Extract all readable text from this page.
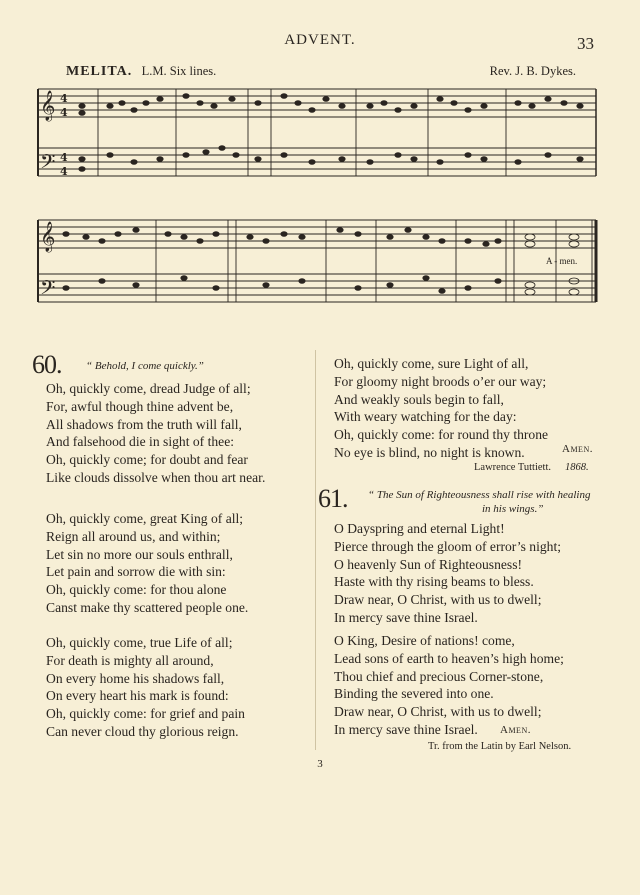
ADVENT.	33
MELITA. L.M. Six lines.	Rev. J. B. Dykes.
𝄞
𝄢
4
4
4
4
𝄞
𝄢
A - men.
60. “ Behold, I come quickly.”
Oh, quickly come, dread Judge of all;
For, awful though thine advent be,
All shadows from the truth will fall,
And falsehood die in sight of thee:
Oh, quickly come; for doubt and fear
Like clouds dissolve when thou art near.
Oh, quickly come, great King of all;
Reign all around us, and within;
Let sin no more our souls enthrall,
Let pain and sorrow die with sin:
Oh, quickly come: for thou alone
Canst make thy scattered people one.
Oh, quickly come, true Life of all;
For death is mighty all around,
On every home his shadows fall,
On every heart his mark is found:
Oh, quickly come: for grief and pain
Can never cloud thy glorious reign.
Oh, quickly come, sure Light of all,
For gloomy night broods o’er our way;
And weakly souls begin to fall,
With weary watching for the day:
Oh, quickly come: for round thy throne
No eye is blind, no night is known.	Amen.
Lawrence Tuttiett. 1868.
61. “ The Sun of Righteousness shall rise with healing
in his wings.”
O Dayspring and eternal Light!
Pierce through the gloom of error’s night;
O heavenly Sun of Righteousness!
Haste with thy rising beams to bless.
Draw near, O Christ, with us to dwell;
In mercy save thine Israel.
O King, Desire of nations! come,
Lead sons of earth to heaven’s high home;
Thou chief and precious Corner-stone,
Binding the severed into one.
Draw near, O Christ, with us to dwell;
In mercy save thine Israel.	Amen.
Tr. from the Latin by Earl Nelson.
3
